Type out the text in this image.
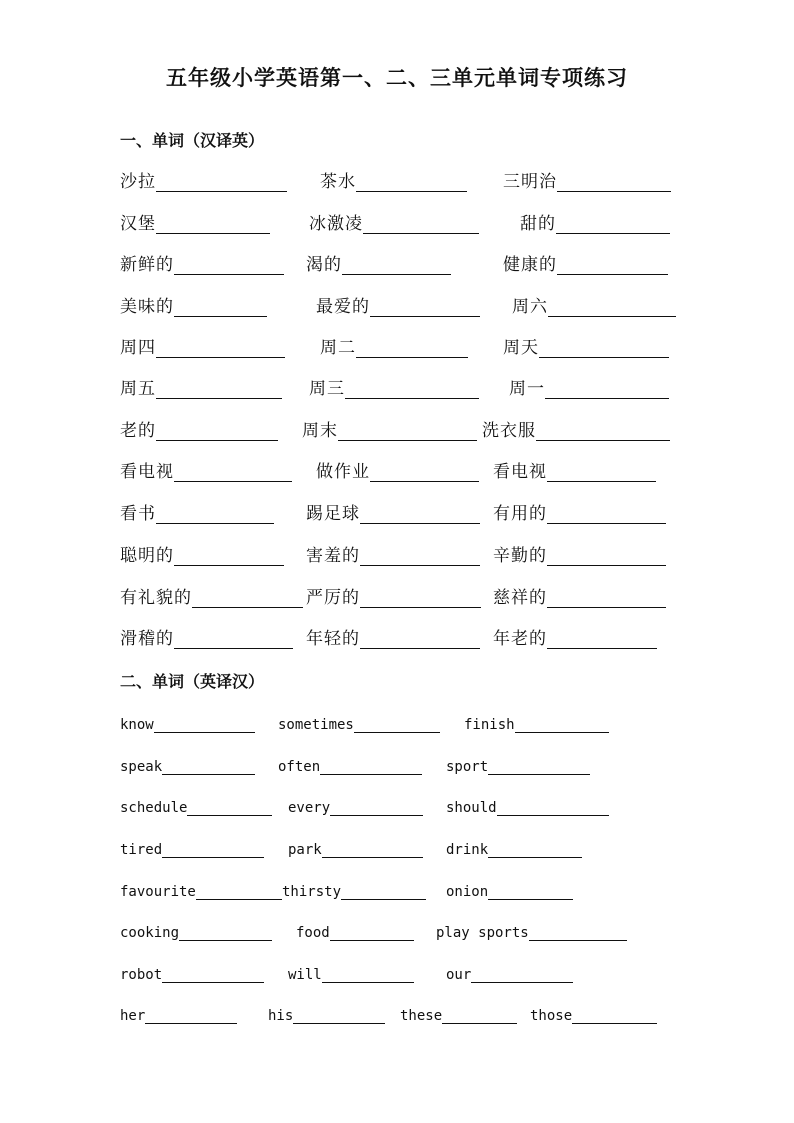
五年级小学英语第一、二、三单元单词专项练习
一、单词（汉译英）
沙拉	茶水	三明治
汉堡	冰激凌	甜的
新鲜的	渴的	健康的
美味的	最爱的	周六
周四	周二	周天
周五	周三	周一
老的	周末	洗衣服
看电视	做作业	看电视
看书	踢足球	有用的
聪明的	害羞的	辛勤的
有礼貌的	严厉的	慈祥的
滑稽的	年轻的	年老的
二、单词（英译汉）
know	sometimes	finish
speak	often	sport
schedule	every	should
tired	park	drink
favourite	thirsty	onion
cooking	food	play sports
robot	will	our
her	his	these	those
